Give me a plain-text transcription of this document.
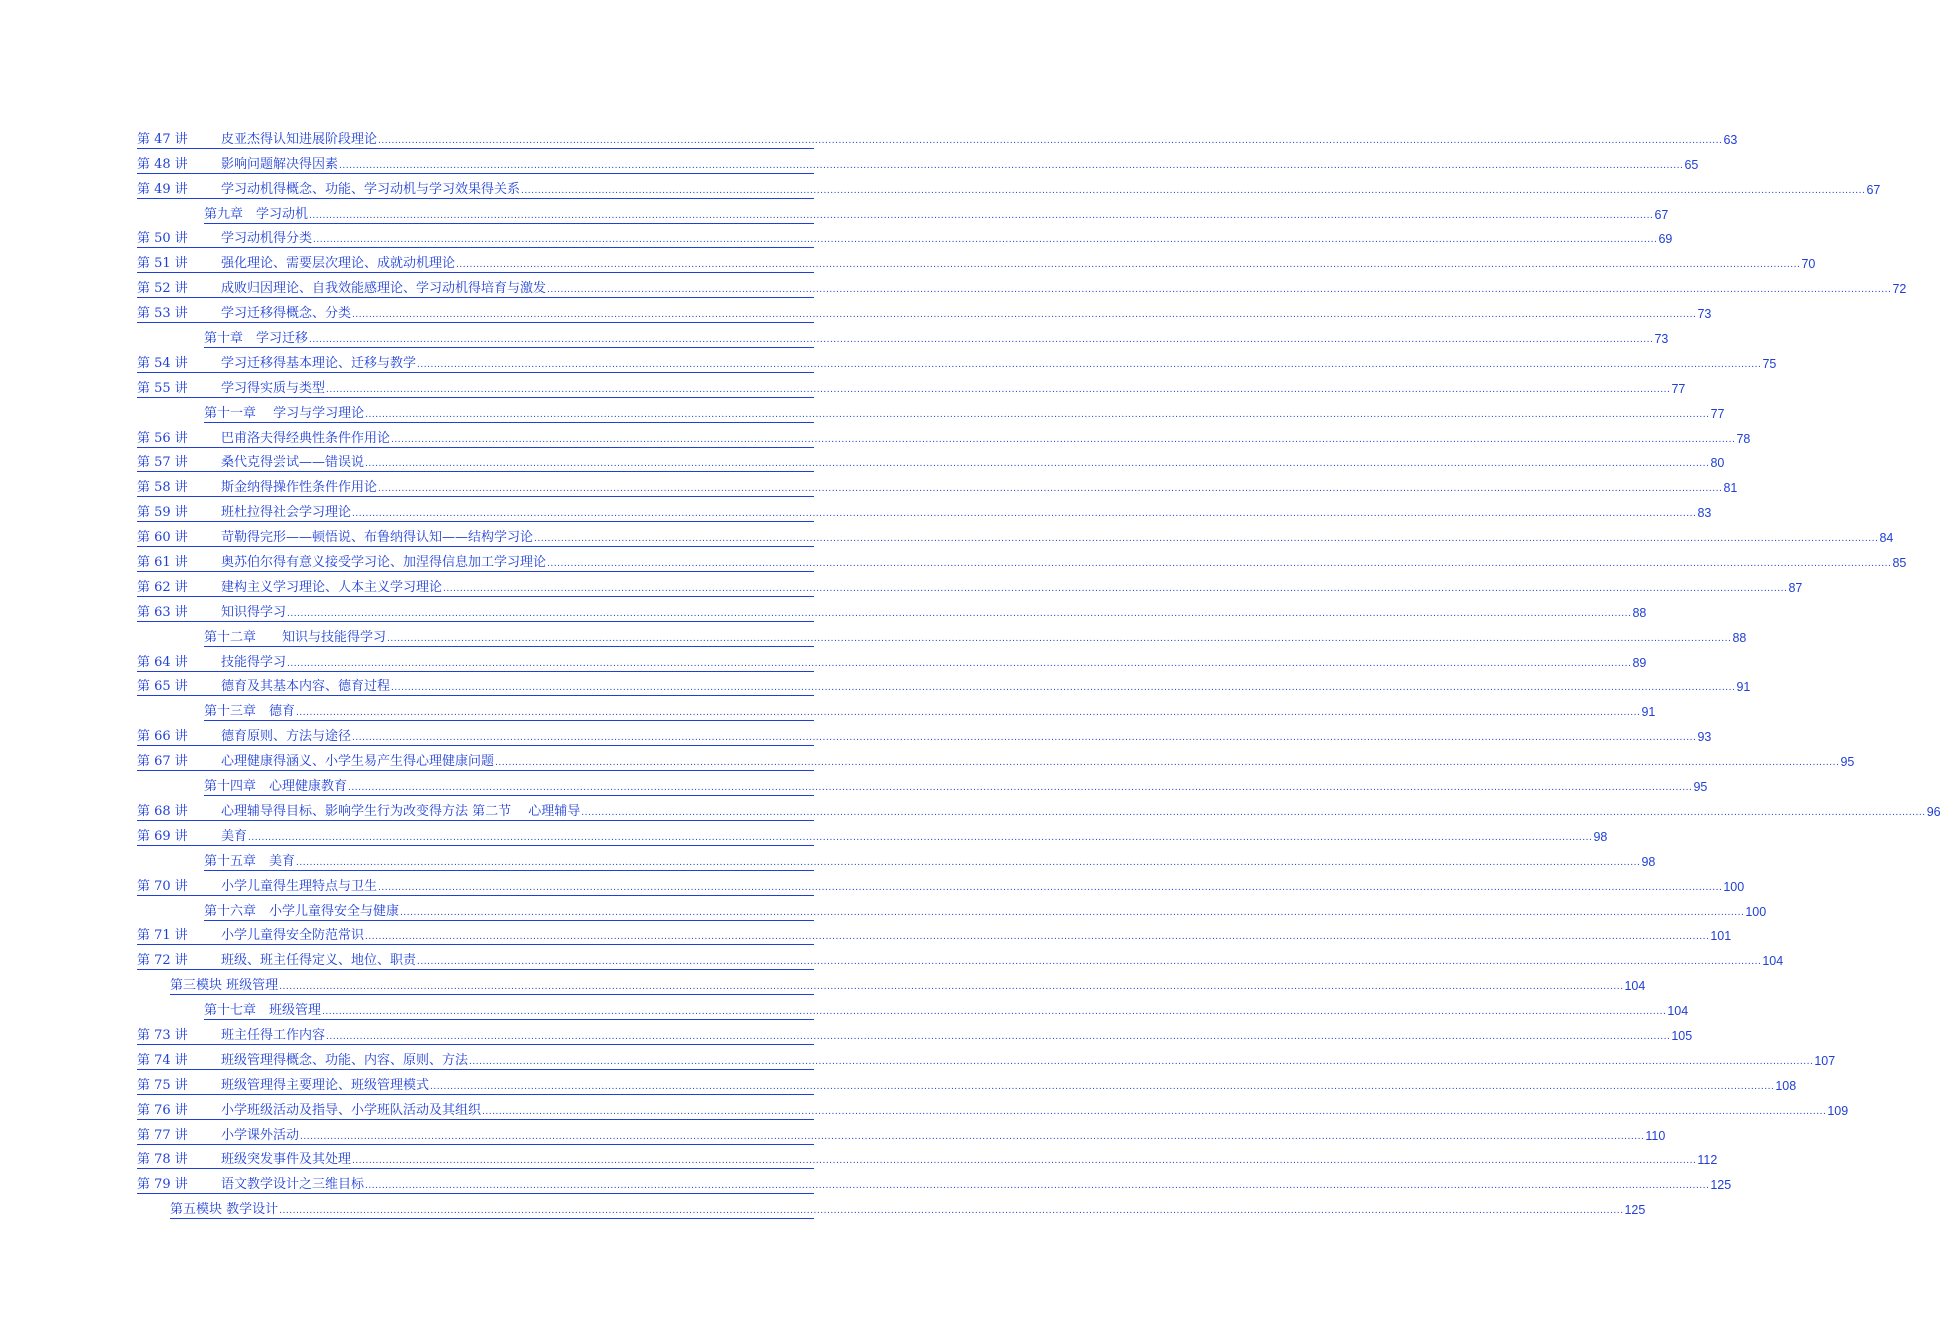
第 47 讲	皮亚杰得认知进展阶段理论 ................................................................................................................................................................................................................................................................................................................................................................................................................ 63
第 48 讲	影响问题解决得因素 ................................................................................................................................................................................................................................................................................................................................................................................................................ 65
第 49 讲	学习动机得概念、功能、学习动机与学习效果得关系 ................................................................................................................................................................................................................................................................................................................................................................................................................ 67
第九章　学习动机 ................................................................................................................................................................................................................................................................................................................................................................................................................ 67
第 50 讲	学习动机得分类 ................................................................................................................................................................................................................................................................................................................................................................................................................ 69
第 51 讲	强化理论、需要层次理论、成就动机理论 ................................................................................................................................................................................................................................................................................................................................................................................................................ 70
第 52 讲	成败归因理论、自我效能感理论、学习动机得培育与激发 ................................................................................................................................................................................................................................................................................................................................................................................................................ 72
第 53 讲	学习迁移得概念、分类 ................................................................................................................................................................................................................................................................................................................................................................................................................ 73
第十章　学习迁移 ................................................................................................................................................................................................................................................................................................................................................................................................................ 73
第 54 讲	学习迁移得基本理论、迁移与教学 ................................................................................................................................................................................................................................................................................................................................................................................................................ 75
第 55 讲	学习得实质与类型 ................................................................................................................................................................................................................................................................................................................................................................................................................ 77
第十一章　 学习与学习理论 ................................................................................................................................................................................................................................................................................................................................................................................................................ 77
第 56 讲	巴甫洛夫得经典性条件作用论 ................................................................................................................................................................................................................................................................................................................................................................................................................ 78
第 57 讲	桑代克得尝试——错误说 ................................................................................................................................................................................................................................................................................................................................................................................................................ 80
第 58 讲	斯金纳得操作性条件作用论 ................................................................................................................................................................................................................................................................................................................................................................................................................ 81
第 59 讲	班杜拉得社会学习理论 ................................................................................................................................................................................................................................................................................................................................................................................................................ 83
第 60 讲	苛勒得完形——顿悟说、布鲁纳得认知——结构学习论 ................................................................................................................................................................................................................................................................................................................................................................................................................ 84
第 61 讲	奥苏伯尔得有意义接受学习论、加涅得信息加工学习理论 ................................................................................................................................................................................................................................................................................................................................................................................................................ 85
第 62 讲	建构主义学习理论、人本主义学习理论 ................................................................................................................................................................................................................................................................................................................................................................................................................ 87
第 63 讲	知识得学习 ................................................................................................................................................................................................................................................................................................................................................................................................................ 88
第十二章　　知识与技能得学习 ................................................................................................................................................................................................................................................................................................................................................................................................................ 88
第 64 讲	技能得学习 ................................................................................................................................................................................................................................................................................................................................................................................................................ 89
第 65 讲	德育及其基本内容、德育过程 ................................................................................................................................................................................................................................................................................................................................................................................................................ 91
第十三章　德育 ................................................................................................................................................................................................................................................................................................................................................................................................................ 91
第 66 讲	德育原则、方法与途径 ................................................................................................................................................................................................................................................................................................................................................................................................................ 93
第 67 讲	心理健康得涵义、小学生易产生得心理健康问题 ................................................................................................................................................................................................................................................................................................................................................................................................................ 95
第十四章　心理健康教育 ................................................................................................................................................................................................................................................................................................................................................................................................................ 95
第 68 讲	心理辅导得目标、影响学生行为改变得方法 第二节　 心理辅导 ................................................................................................................................................................................................................................................................................................................................................................................................................ 96
第 69 讲	美育 ................................................................................................................................................................................................................................................................................................................................................................................................................ 98
第十五章　美育 ................................................................................................................................................................................................................................................................................................................................................................................................................ 98
第 70 讲	小学儿童得生理特点与卫生 ................................................................................................................................................................................................................................................................................................................................................................................................................ 100
第十六章　小学儿童得安全与健康 ................................................................................................................................................................................................................................................................................................................................................................................................................ 100
第 71 讲	小学儿童得安全防范常识 ................................................................................................................................................................................................................................................................................................................................................................................................................ 101
第 72 讲	班级、班主任得定义、地位、职责 ................................................................................................................................................................................................................................................................................................................................................................................................................ 104
第三模块 班级管理 ................................................................................................................................................................................................................................................................................................................................................................................................................ 104
第十七章　班级管理 ................................................................................................................................................................................................................................................................................................................................................................................................................ 104
第 73 讲	班主任得工作内容 ................................................................................................................................................................................................................................................................................................................................................................................................................ 105
第 74 讲	班级管理得概念、功能、内容、原则、方法 ................................................................................................................................................................................................................................................................................................................................................................................................................ 107
第 75 讲	班级管理得主要理论、班级管理模式 ................................................................................................................................................................................................................................................................................................................................................................................................................ 108
第 76 讲	小学班级活动及指导、小学班队活动及其组织 ................................................................................................................................................................................................................................................................................................................................................................................................................ 109
第 77 讲	小学课外活动 ................................................................................................................................................................................................................................................................................................................................................................................................................ 110
第 78 讲	班级突发事件及其处理 ................................................................................................................................................................................................................................................................................................................................................................................................................ 112
第 79 讲	语文教学设计之三维目标 ................................................................................................................................................................................................................................................................................................................................................................................................................ 125
第五模块 教学设计 ................................................................................................................................................................................................................................................................................................................................................................................................................ 125
